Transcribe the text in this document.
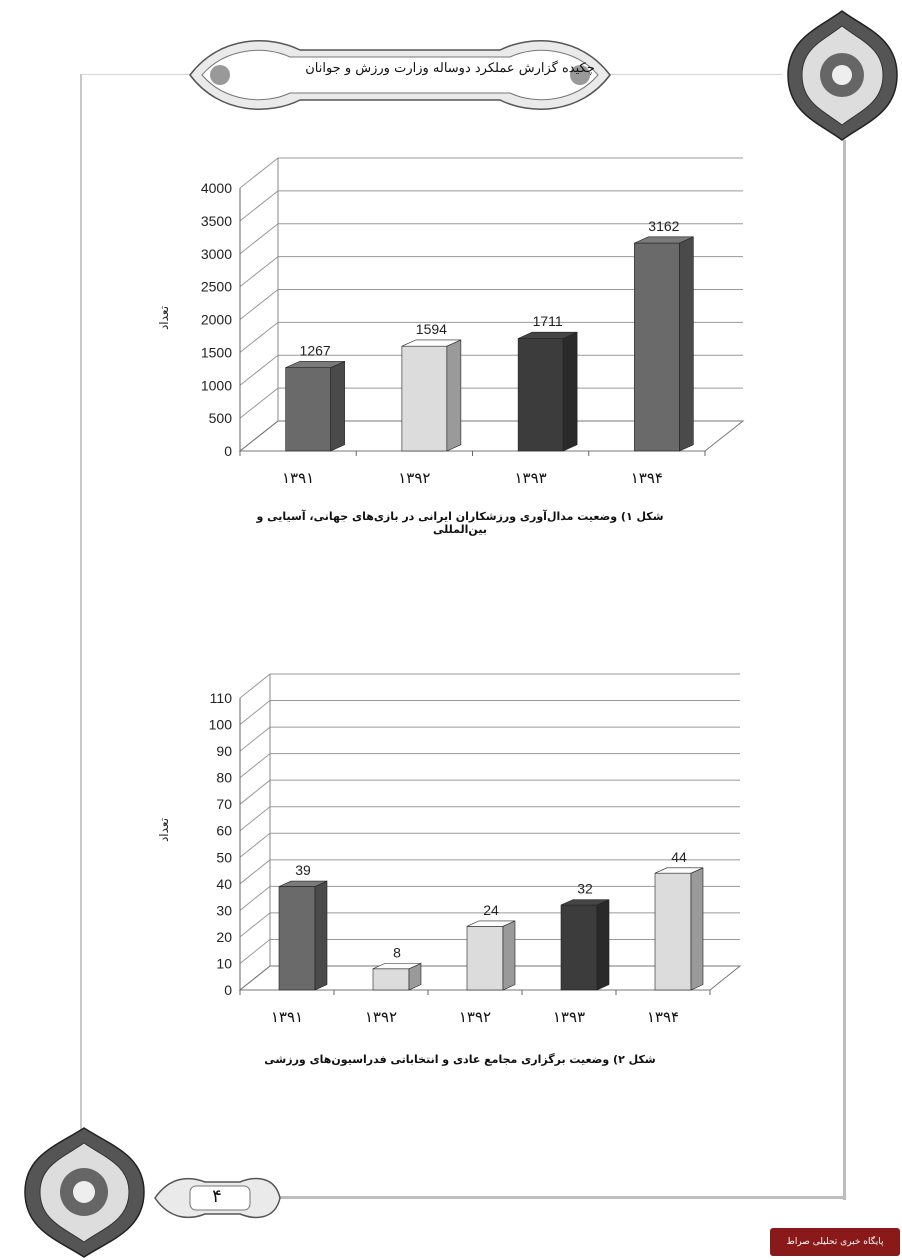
چکیده گزارش عملکرد دوساله وزارت ورزش و جوانان
۴
0
500
1000
1500
2000
2500
3000
3500
4000
1267
1594	1711
3162
۱۳۹۱	۱۳۹۲	۱۳۹۳	۱۳۹۴
تعداد
شکل ۱) وضعیت مدال‌آوری ورزشکاران ایرانی در بازی‌های جهانی، آسیایی و بین‌المللی
0
10
20
30
40
50
60
70
80
90
100
110
39
8
24
32
44
۱۳۹۱	۱۳۹۲	۱۳۹۲	۱۳۹۳	۱۳۹۴
تعداد
شکل ۲) وضعیت برگزاری مجامع عادی و انتخاباتی فدراسیون‌های ورزشی
پایگاه خبری تحلیلی صراط
